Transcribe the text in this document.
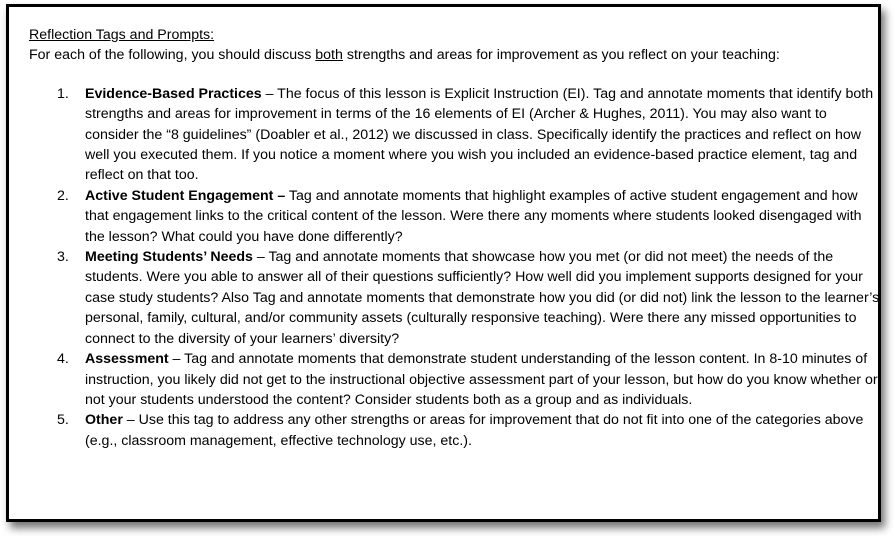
Reflection Tags and Prompts:

For each of the following, you should discuss both strengths and areas for improvement as you reflect on your teaching:

1. Evidence-Based Practices – The focus of this lesson is Explicit Instruction (EI). Tag and annotate moments that identify both strengths and areas for improvement in terms of the 16 elements of EI (Archer & Hughes, 2011). You may also want to consider the “8 guidelines” (Doabler et al., 2012) we discussed in class. Specifically identify the practices and reflect on how well you executed them. If you notice a moment where you wish you included an evidence-based practice element, tag and reflect on that too.
2. Active Student Engagement – Tag and annotate moments that highlight examples of active student engagement and how that engagement links to the critical content of the lesson. Were there any moments where students looked disengaged with the lesson? What could you have done differently?
3. Meeting Students’ Needs – Tag and annotate moments that showcase how you met (or did not meet) the needs of the students. Were you able to answer all of their questions sufficiently? How well did you implement supports designed for your case study students? Also Tag and annotate moments that demonstrate how you did (or did not) link the lesson to the learner’s personal, family, cultural, and/or community assets (culturally responsive teaching). Were there any missed opportunities to connect to the diversity of your learners’ diversity?
4. Assessment – Tag and annotate moments that demonstrate student understanding of the lesson content. In 8-10 minutes of instruction, you likely did not get to the instructional objective assessment part of your lesson, but how do you know whether or not your students understood the content? Consider students both as a group and as individuals.
5. Other – Use this tag to address any other strengths or areas for improvement that do not fit into one of the categories above (e.g., classroom management, effective technology use, etc.).
